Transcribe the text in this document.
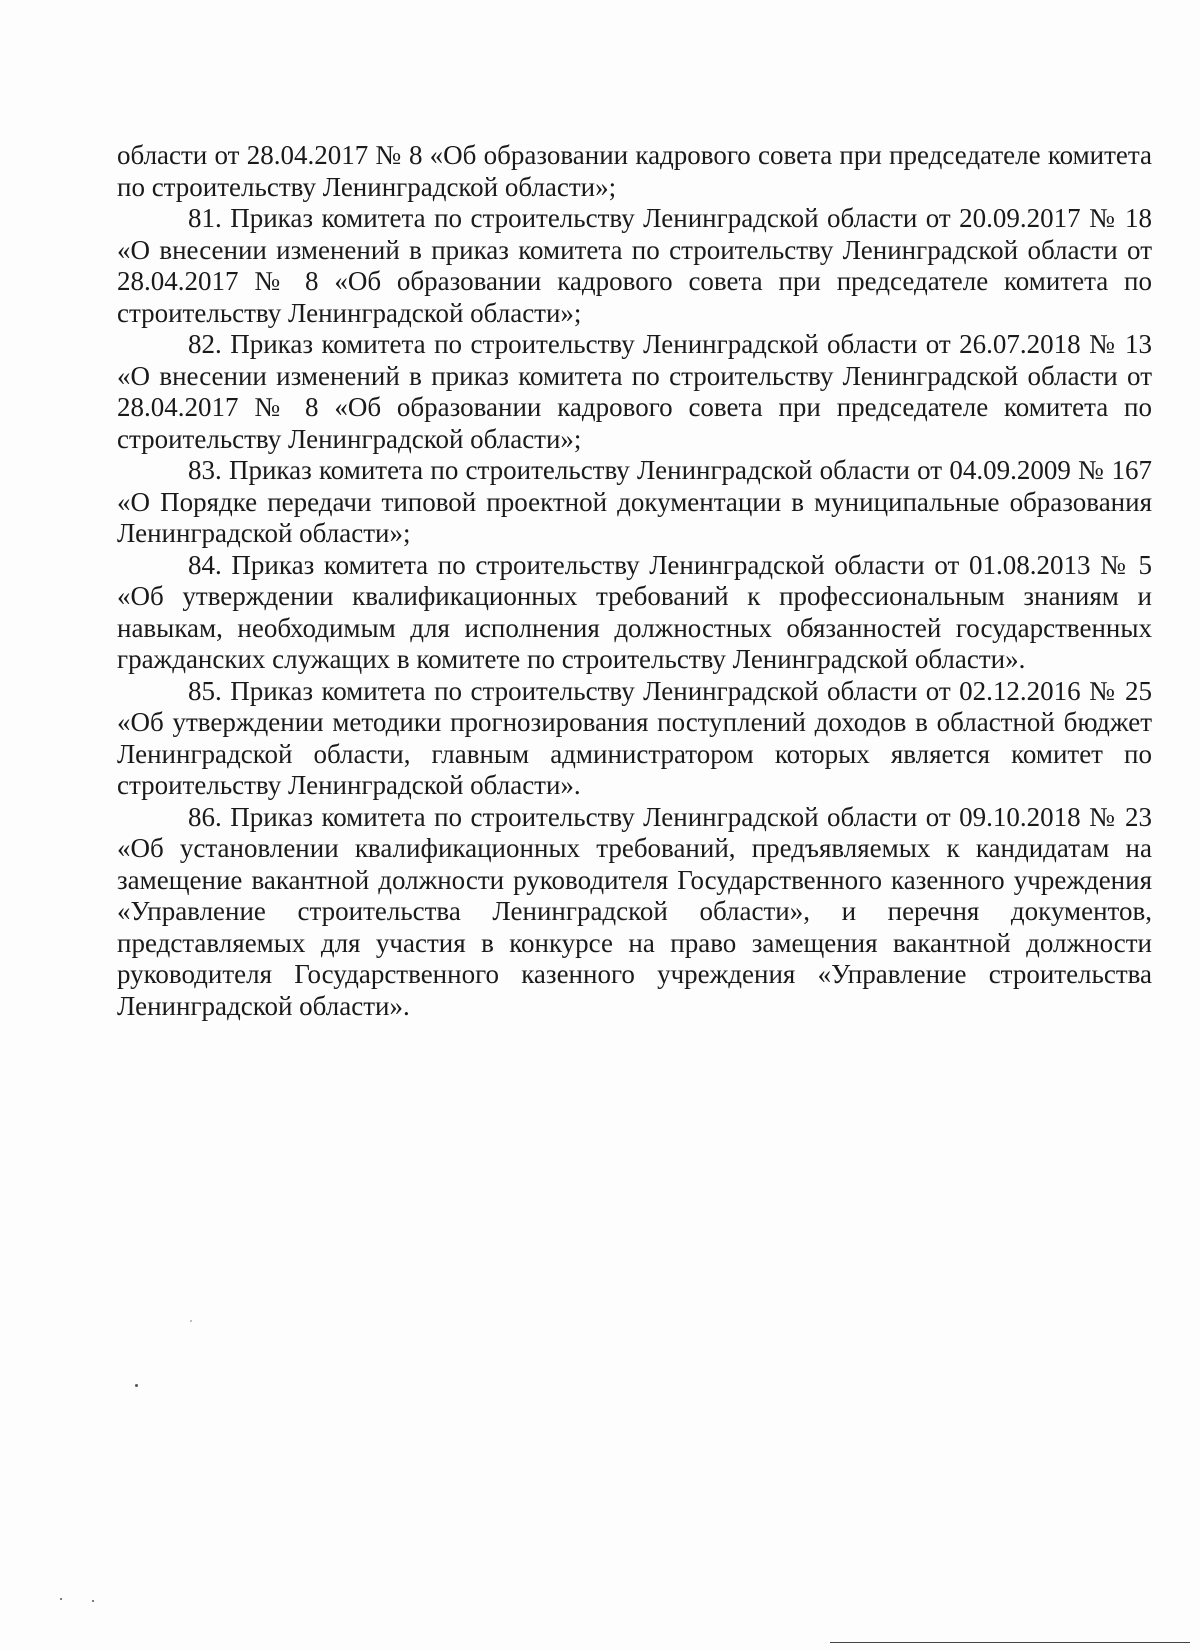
области от 28.04.2017 № 8 «Об образовании кадрового совета при председателе комитета по строительству Ленинградской области»;

81. Приказ комитета по строительству Ленинградской области от 20.09.2017 № 18 «О внесении изменений в приказ комитета по строительству Ленинградской области от 28.04.2017 № 8 «Об образовании кадрового совета при председателе комитета по строительству Ленинградской области»;

82. Приказ комитета по строительству Ленинградской области от 26.07.2018 № 13 «О внесении изменений в приказ комитета по строительству Ленинградской области от 28.04.2017 № 8 «Об образовании кадрового совета при председателе комитета по строительству Ленинградской области»;

83. Приказ комитета по строительству Ленинградской области от 04.09.2009 № 167 «О Порядке передачи типовой проектной документации в муниципальные образования Ленинградской области»;

84. Приказ комитета по строительству Ленинградской области от 01.08.2013 № 5 «Об утверждении квалификационных требований к профессиональным знаниям и навыкам, необходимым для исполнения должностных обязанностей государственных гражданских служащих в комитете по строительству Ленинградской области».

85. Приказ комитета по строительству Ленинградской области от 02.12.2016 № 25 «Об утверждении методики прогнозирования поступлений доходов в областной бюджет Ленинградской области, главным администратором которых является комитет по строительству Ленинградской области».

86. Приказ комитета по строительству Ленинградской области от 09.10.2018 № 23 «Об установлении квалификационных требований, предъявляемых к кандидатам на замещение вакантной должности руководителя Государственного казенного учреждения «Управление строительства Ленинградской области», и перечня документов, представляемых для участия в конкурсе на право замещения вакантной должности руководителя Государственного казенного учреждения «Управление строительства Ленинградской области».
